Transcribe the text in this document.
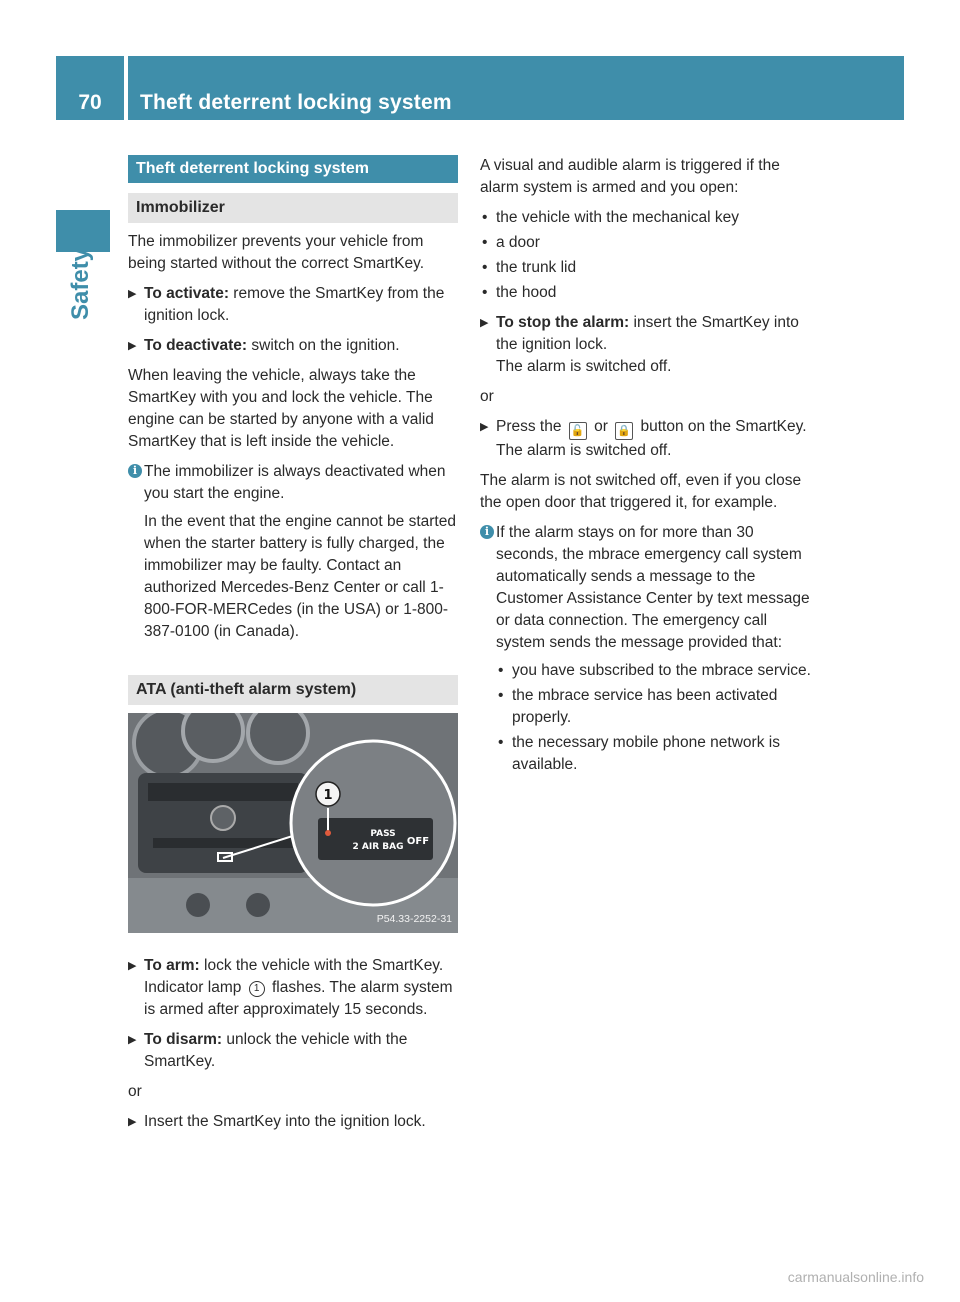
70	Theft deterrent locking system
Safety
Theft deterrent locking system
Immobilizer

The immobilizer prevents your vehicle from being started without the correct SmartKey.

▶ To activate: remove the SmartKey from the ignition lock.
▶ To deactivate: switch on the ignition.

When leaving the vehicle, always take the SmartKey with you and lock the vehicle. The engine can be started by anyone with a valid SmartKey that is left inside the vehicle.

i The immobilizer is always deactivated when you start the engine.

In the event that the engine cannot be started when the starter battery is fully charged, the immobilizer may be faulty. Contact an authorized Mercedes-Benz Center or call 1-800-FOR-MERCedes (in the USA) or 1-800-387-0100 (in Canada).

ATA (anti-theft alarm system)
1
PASS
2 AIR BAG OFF
P54.33-2252-31
▶ To arm: lock the vehicle with the SmartKey.
Indicator lamp 1 flashes. The alarm system is armed after approximately 15 seconds.
▶ To disarm: unlock the vehicle with the SmartKey.

or

▶ Insert the SmartKey into the ignition lock.

A visual and audible alarm is triggered if the alarm system is armed and you open:

• the vehicle with the mechanical key
• a door
• the trunk lid
• the hood
▶ To stop the alarm: insert the SmartKey into the ignition lock.
The alarm is switched off.

or

▶ Press the 🔓 or 🔒 button on the SmartKey.
The alarm is switched off.

The alarm is not switched off, even if you close the open door that triggered it, for example.

i If the alarm stays on for more than 30 seconds, the mbrace emergency call system automatically sends a message to the Customer Assistance Center by text message or data connection. The emergency call system sends the message provided that:

• you have subscribed to the mbrace service.
• the mbrace service has been activated properly.
• the necessary mobile phone network is available.
carmanualsonline.info
